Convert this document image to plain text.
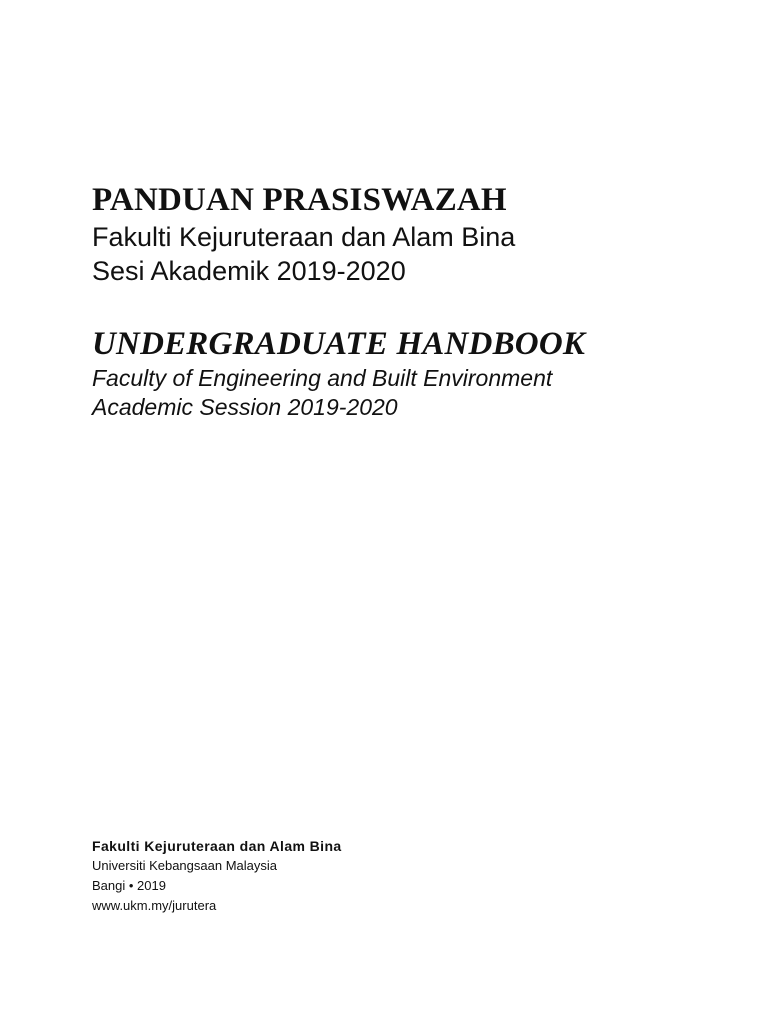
PANDUAN PRASISWAZAH

Fakulti Kejuruteraan dan Alam Bina

Sesi Akademik 2019-2020

UNDERGRADUATE HANDBOOK

Faculty of Engineering and Built Environment

Academic Session 2019-2020

Fakulti Kejuruteraan dan Alam Bina

Universiti Kebangsaan Malaysia

Bangi • 2019

www.ukm.my/jurutera
